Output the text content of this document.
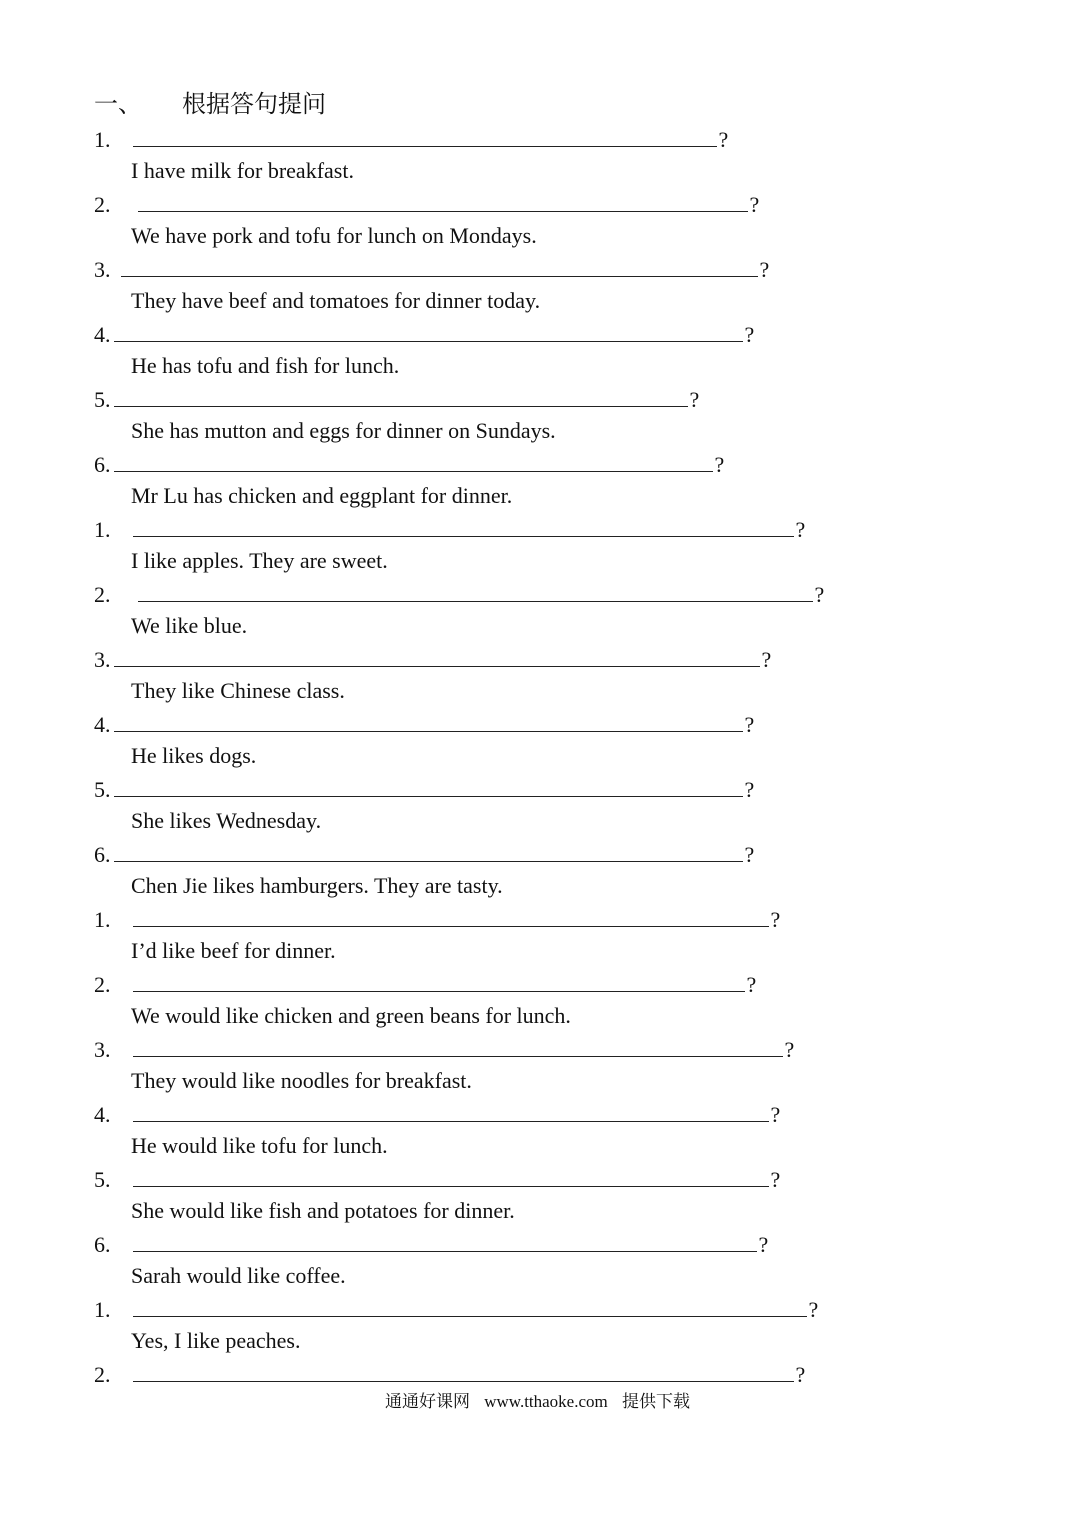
一、 根据答句提问
1.	?
I have milk for breakfast.
2.	?
We have pork and tofu for lunch on Mondays.
3.	?
They have beef and tomatoes for dinner today.
4.	?
He has tofu and fish for lunch.
5.	?
She has mutton and eggs for dinner on Sundays.
6.	?
Mr Lu has chicken and eggplant for dinner.
1.	?
I like apples. They are sweet.
2.	?
We like blue.
3.	?
They like Chinese class.
4.	?
He likes dogs.
5.	?
She likes Wednesday.
6.	?
Chen Jie likes hamburgers. They are tasty.
1.	?
I’d like beef for dinner.
2.	?
We would like chicken and green beans for lunch.
3.	?
They would like noodles for breakfast.
4.	?
He would like tofu for lunch.
5.	?
She would like fish and potatoes for dinner.
6.	?
Sarah would like coffee.
1.	?
Yes, I like peaches.
2.	?
通通好课网 www.tthaoke.com 提供下载
